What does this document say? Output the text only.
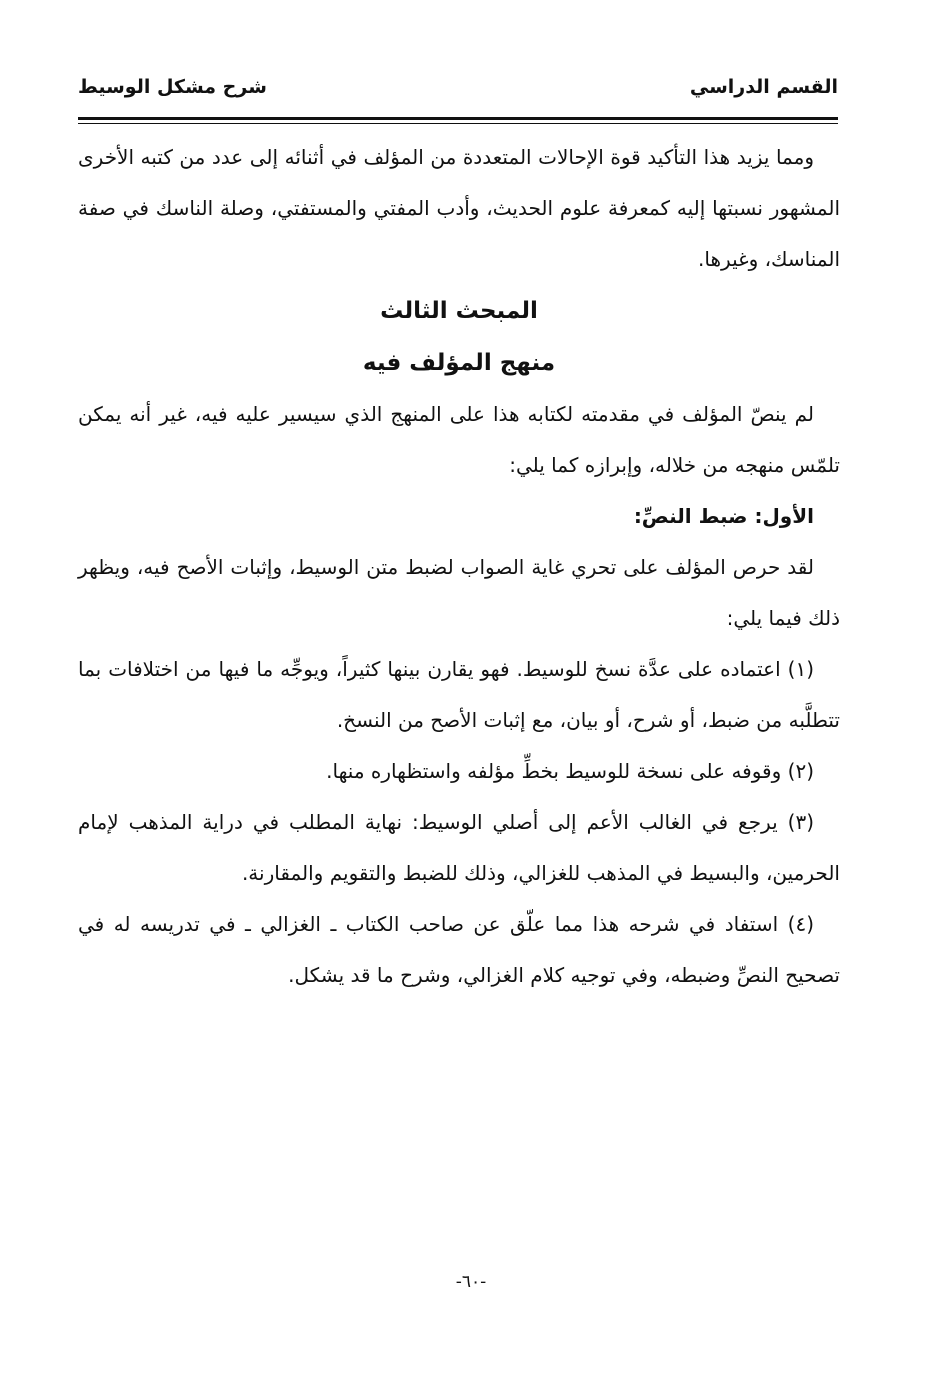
القسم الدراسي
شرح مشكل الوسيط

ومما يزيد هذا التأكيد قوة الإحالات المتعددة من المؤلف في أثنائه إلى عدد من كتبه الأخرى المشهور نسبتها إليه كمعرفة علوم الحديث، وأدب المفتي والمستفتي، وصلة الناسك في صفة المناسك، وغيرها.

المبحث الثالث

منهج المؤلف فيه

لم ينصّ المؤلف في مقدمته لكتابه هذا على المنهج الذي سيسير عليه فيه، غير أنه يمكن تلمّس منهجه من خلاله، وإبرازه كما يلي:

الأول: ضبط النصِّ:

لقد حرص المؤلف على تحري غاية الصواب لضبط متن الوسيط، وإثبات الأصح فيه، ويظهر ذلك فيما يلي:

(١) اعتماده على عدَّة نسخ للوسيط. فهو يقارن بينها كثيراً، ويوجِّه ما فيها من اختلافات بما تتطلَّبه من ضبط، أو شرح، أو بيان، مع إثبات الأصح من النسخ.

(٢) وقوفه على نسخة للوسيط بخطِّ مؤلفه واستظهاره منها.

(٣) يرجع في الغالب الأعم إلى أصلي الوسيط: نهاية المطلب في دراية المذهب لإمام الحرمين، والبسيط في المذهب للغزالي، وذلك للضبط والتقويم والمقارنة.

(٤) استفاد في شرحه هذا مما علّق عن صاحب الكتاب ـ الغزالي ـ في تدريسه له في تصحيح النصِّ وضبطه، وفي توجيه كلام الغزالي، وشرح ما قد يشكل.

-٦٠-
